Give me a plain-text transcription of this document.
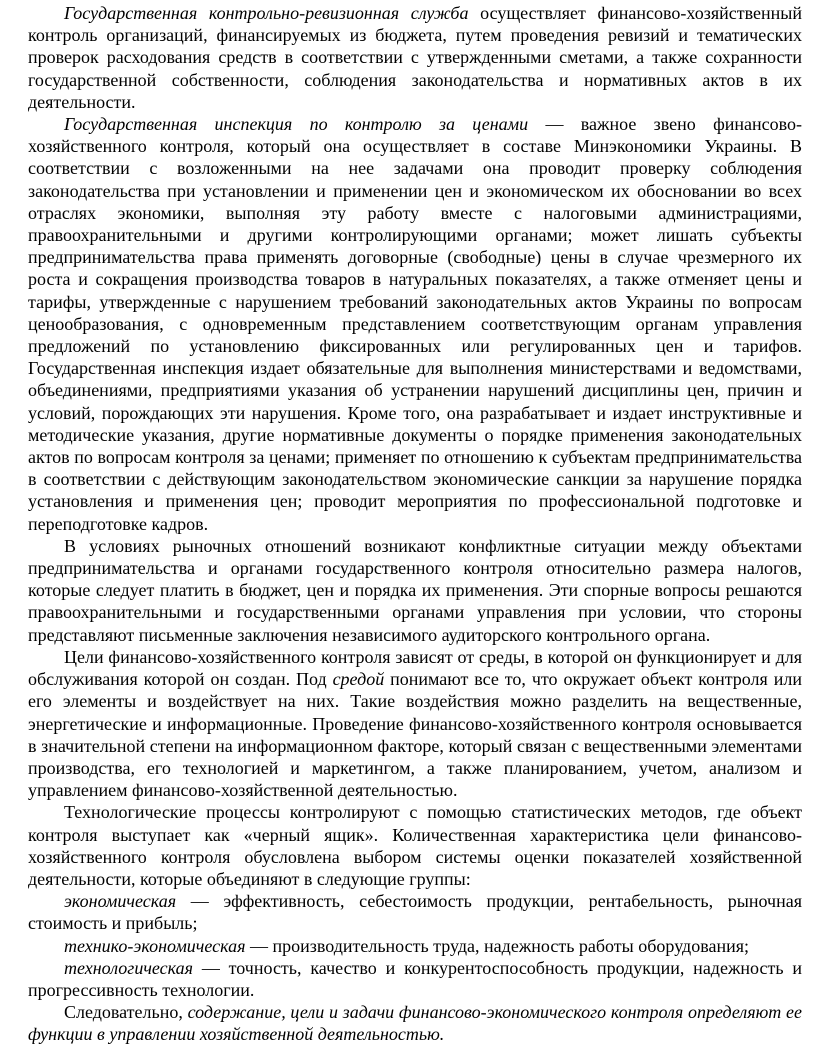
Государственная контрольно-ревизионная служба осуществляет финансово-хозяйственный контроль организаций, финансируемых из бюджета, путем проведения ревизий и тематических проверок расходования средств в соответствии с утвержденными сметами, а также сохранности государственной собственности, соблюдения законодательства и нормативных актов в их деятельности.

Государственная инспекция по контролю за ценами — важное звено финансово-хозяйственного контроля, который она осуществляет в составе Минэкономики Украины. В соответствии с возложенными на нее задачами она проводит проверку соблюдения законодательства при установлении и применении цен и экономическом их обосновании во всех отраслях экономики, выполняя эту работу вместе с налоговыми администрациями, правоохранительными и другими контролирующими органами; может лишать субъекты предпринимательства права применять договорные (свободные) цены в случае чрезмерного их роста и сокращения производства товаров в натуральных показателях, а также отменяет цены и тарифы, утвержденные с нарушением требований законодательных актов Украины по вопросам ценообразования, с одновременным представлением соответствующим органам управления предложений по установлению фиксированных или регулированных цен и тарифов. Государственная инспекция издает обязательные для выполнения министерствами и ведомствами, объединениями, предприятиями указания об устранении нарушений дисциплины цен, причин и условий, порождающих эти нарушения. Кроме того, она разрабатывает и издает инструктивные и методические указания, другие нормативные документы о порядке применения законодательных актов по вопросам контроля за ценами; применяет по отношению к субъектам предпринимательства в соответствии с действующим законодательством экономические санкции за нарушение порядка установления и применения цен; проводит мероприятия по профессиональной подготовке и переподготовке кадров.

В условиях рыночных отношений возникают конфликтные ситуации между объектами предпринимательства и органами государственного контроля относительно размера налогов, которые следует платить в бюджет, цен и порядка их применения. Эти спорные вопросы решаются правоохранительными и государственными органами управления при условии, что стороны представляют письменные заключения независимого аудиторского контрольного органа.

Цели финансово-хозяйственного контроля зависят от среды, в которой он функционирует и для обслуживания которой он создан. Под средой понимают все то, что окружает объект контроля или его элементы и воздействует на них. Такие воздействия можно разделить на вещественные, энергетические и информационные. Проведение финансово-хозяйственного контроля основывается в значительной степени на информационном факторе, который связан с вещественными элементами производства, его технологией и маркетингом, а также планированием, учетом, анализом и управлением финансово-хозяйственной деятельностью.

Технологические процессы контролируют с помощью статистических методов, где объект контроля выступает как «черный ящик». Количественная характеристика цели финансово-хозяйственного контроля обусловлена выбором системы оценки показателей хозяйственной деятельности, которые объединяют в следующие группы:

экономическая — эффективность, себестоимость продукции, рентабельность, рыночная стоимость и прибыль;

технико-экономическая — производительность труда, надежность работы оборудования;

технологическая — точность, качество и конкурентоспособность продукции, надежность и прогрессивность технологии.

Следовательно, содержание, цели и задачи финансово-экономического контроля определяют ее функции в управлении хозяйственной деятельностью.
